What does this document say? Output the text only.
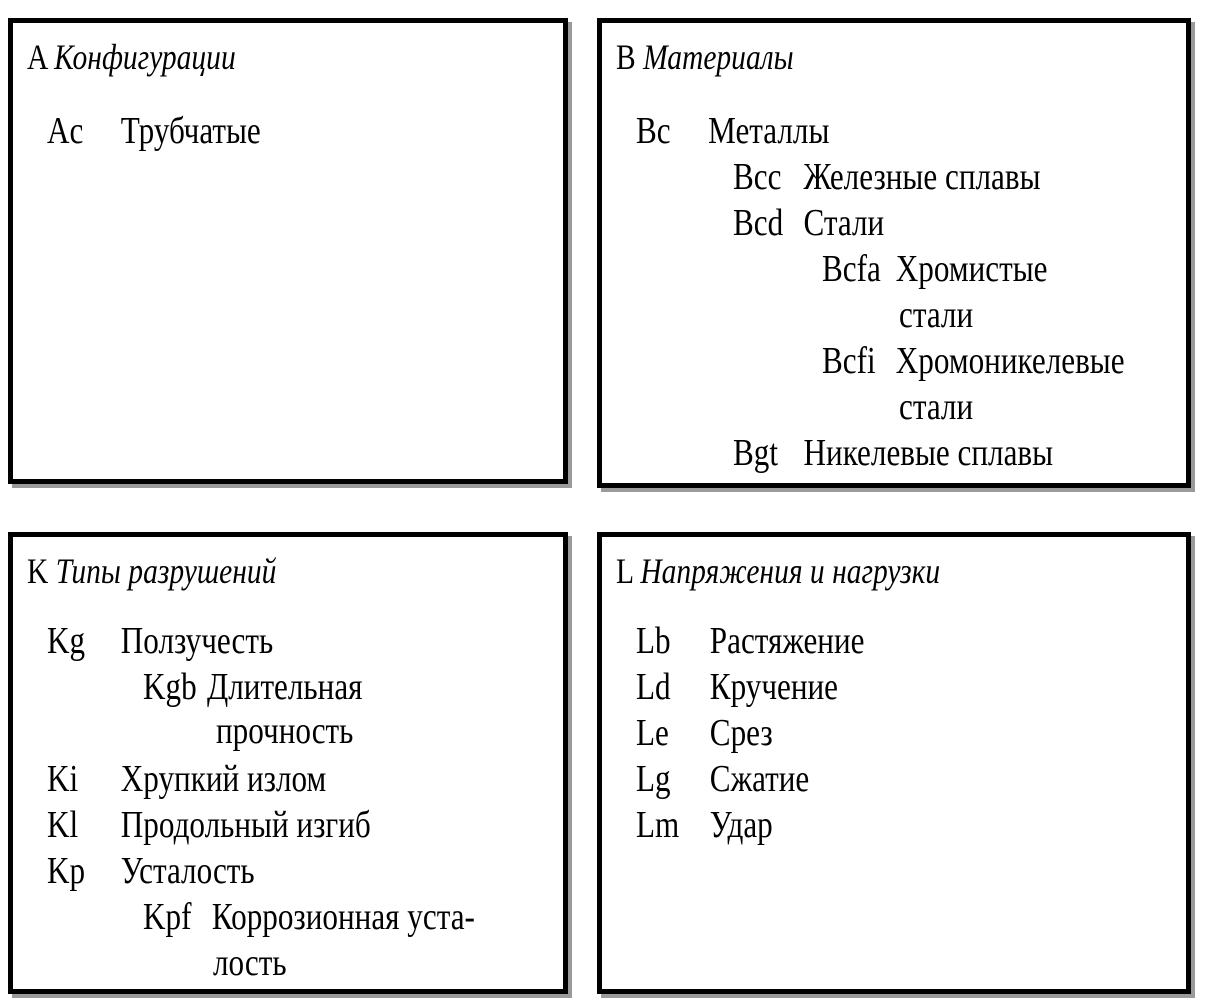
A Конфигурации
Ac Трубчатые
B Материалы
Bc Металлы
Bcc Железные сплавы
Bcd Стали
Bcfa Хромистые
стали
Bcfi Хромоникелевые
стали
Bgt Никелевые сплавы
K Типы разрушений
Kg Ползучесть
Kgb Длительная
прочность
Ki Хрупкий излом
Kl Продольный изгиб
Kp Усталость
Kpf Коррозионная уста-
лость
L Напряжения и нагрузки
Lb Растяжение
Ld Кручение
Le Срез
Lg Сжатие
Lm Удар
